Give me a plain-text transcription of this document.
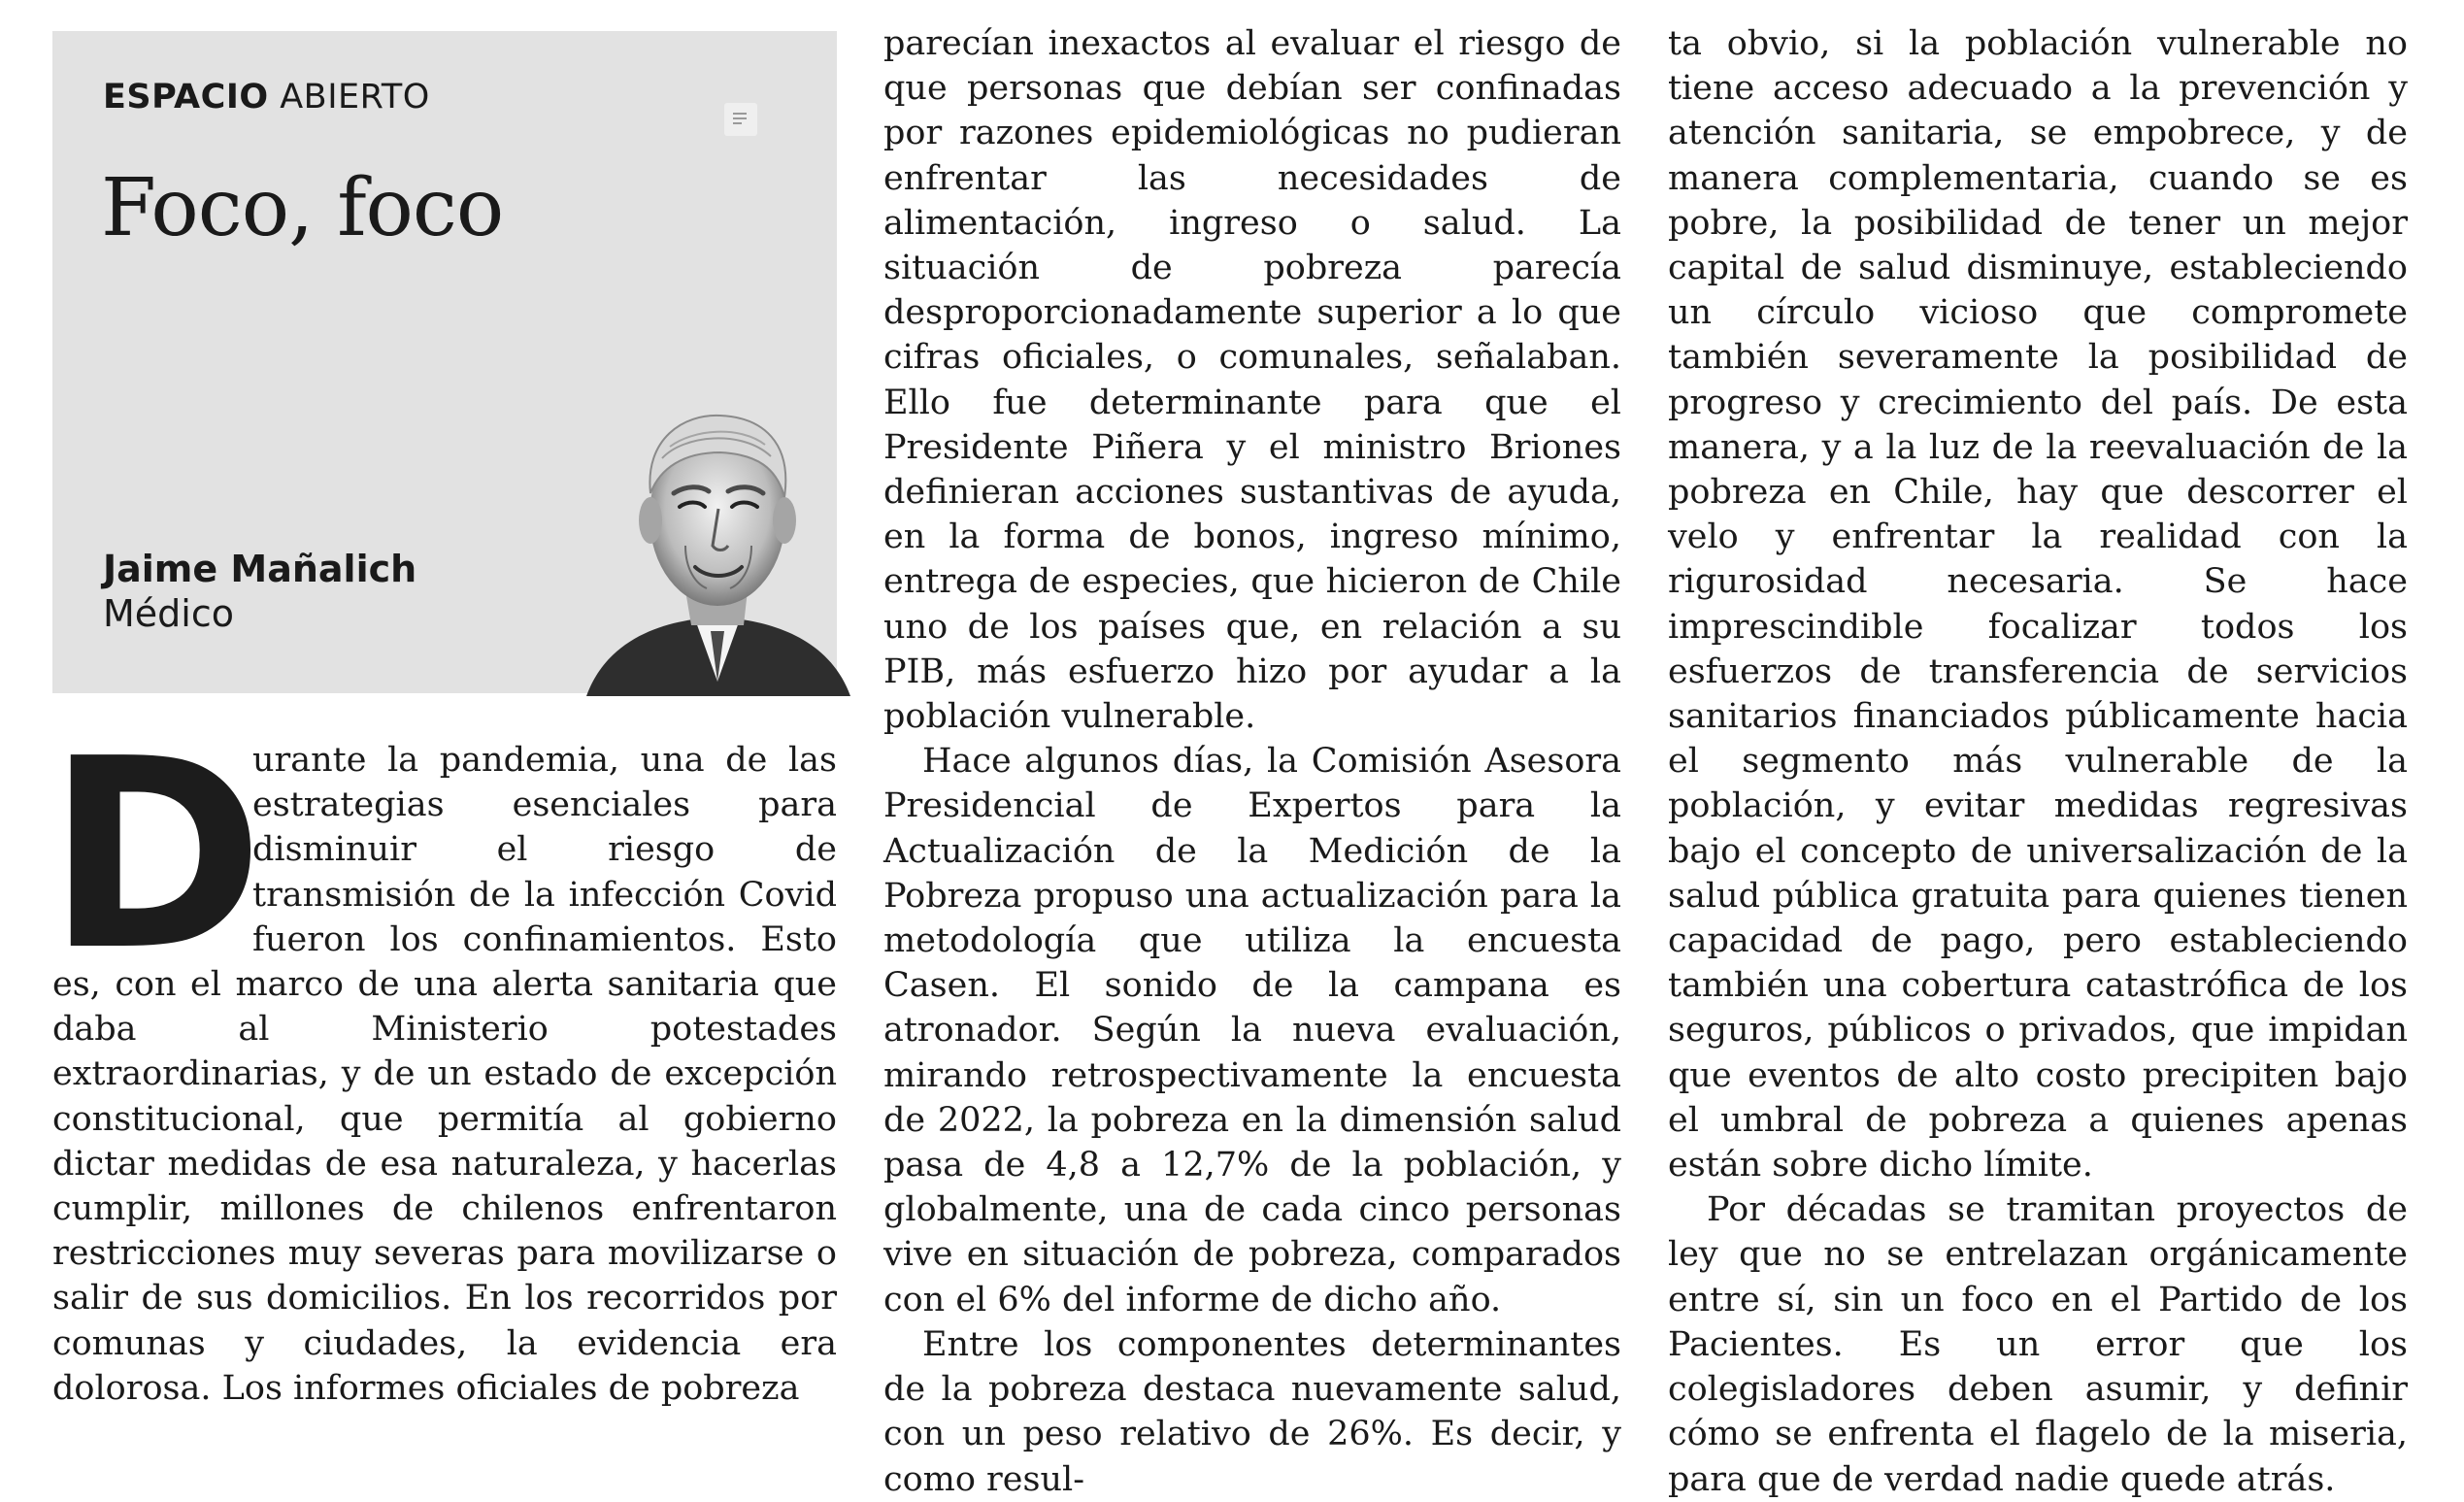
ESPACIO ABIERTO
Foco, foco
Jaime Mañalich
Médico
D

urante la pandemia, una de las estrategias esenciales para disminuir el riesgo de transmisión de la infección Covid fueron los confinamientos. Esto es, con el marco de una alerta sanitaria que daba al Ministerio potestades extraordinarias, y de un estado de excepción constitucional, que permitía al gobierno dictar medidas de esa naturaleza, y hacerlas cumplir, millones de chilenos enfrentaron restricciones muy severas para movilizarse o salir de sus domicilios. En los recorridos por comunas y ciudades, la evidencia era dolorosa. Los informes oficiales de pobreza

parecían inexactos al evaluar el riesgo de que personas que debían ser confinadas por razones epidemiológicas no pudieran enfrentar las necesidades de alimentación, ingreso o salud. La situación de pobreza parecía desproporcionadamente superior a lo que cifras oficiales, o comunales, señalaban. Ello fue determinante para que el Presidente Piñera y el ministro Briones definieran acciones sustantivas de ayuda, en la forma de bonos, ingreso mínimo, entrega de especies, que hicieron de Chile uno de los países que, en relación a su PIB, más esfuerzo hizo por ayudar a la población vulnerable.

Hace algunos días, la Comisión Asesora Presidencial de Expertos para la Actualización de la Medición de la Pobreza propuso una actualización para la metodología que utiliza la encuesta Casen. El sonido de la campana es atronador. Según la nueva evaluación, mirando retrospectivamente la encuesta de 2022, la pobreza en la dimensión salud pasa de 4,8 a 12,7% de la población, y globalmente, una de cada cinco personas vive en situación de pobreza, comparados con el 6% del informe de dicho año.

Entre los componentes determinantes de la pobreza destaca nuevamente salud, con un peso relativo de 26%. Es decir, y como resul-

ta obvio, si la población vulnerable no tiene acceso adecuado a la prevención y atención sanitaria, se empobrece, y de manera complementaria, cuando se es pobre, la posibilidad de tener un mejor capital de salud disminuye, estableciendo un círculo vicioso que compromete también severamente la posibilidad de progreso y crecimiento del país. De esta manera, y a la luz de la reevaluación de la pobreza en Chile, hay que descorrer el velo y enfrentar la realidad con la rigurosidad necesaria. Se hace imprescindible focalizar todos los esfuerzos de transferencia de servicios sanitarios financiados públicamente hacia el segmento más vulnerable de la población, y evitar medidas regresivas bajo el concepto de universalización de la salud pública gratuita para quienes tienen capacidad de pago, pero estableciendo también una cobertura catastrófica de los seguros, públicos o privados, que impidan que eventos de alto costo precipiten bajo el umbral de pobreza a quienes apenas están sobre dicho límite.

Por décadas se tramitan proyectos de ley que no se entrelazan orgánicamente entre sí, sin un foco en el Partido de los Pacientes. Es un error que los colegisladores deben asumir, y definir cómo se enfrenta el flagelo de la miseria, para que de verdad nadie quede atrás.
